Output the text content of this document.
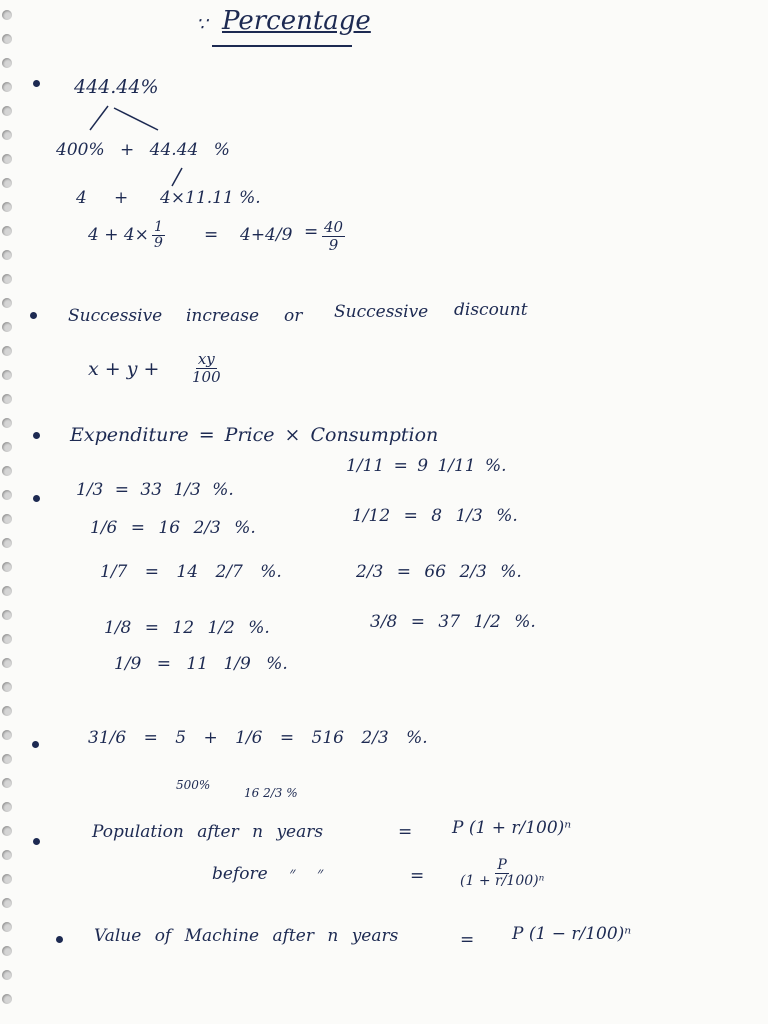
∵ Percentage
444.44%
400% + 44.44 %
4 + 4×11.11 %.
$4 + 4\times \frac{1}{9} = 4+4/9 = \frac{40}{9}$
Successive increase or Successive discount
$x + y + \frac{xy}{100}$
Expenditure = Price × Consumption
1/3 = 33 1/3 %.
1/6 = 16 2/3 %.
1/7 = 14 2/7 %.
1/8 = 12 1/2 %.
1/9 = 11 1/9 %.
1/11 = 9 1/11 %.
1/12 = 8 1/3 %.
2/3 = 66 2/3 %.
3/8 = 37 1/2 %.
31/6 = 5 + 1/6 = 516 2/3 %.
500%
16 2/3 %
Population after n years	= P (1 + r/100)ⁿ
before ״ ״	=	$\frac{P}{\text{(1 + r/100)ⁿ}}$
Value of Machine after n years	= P (1 − r/100)ⁿ
